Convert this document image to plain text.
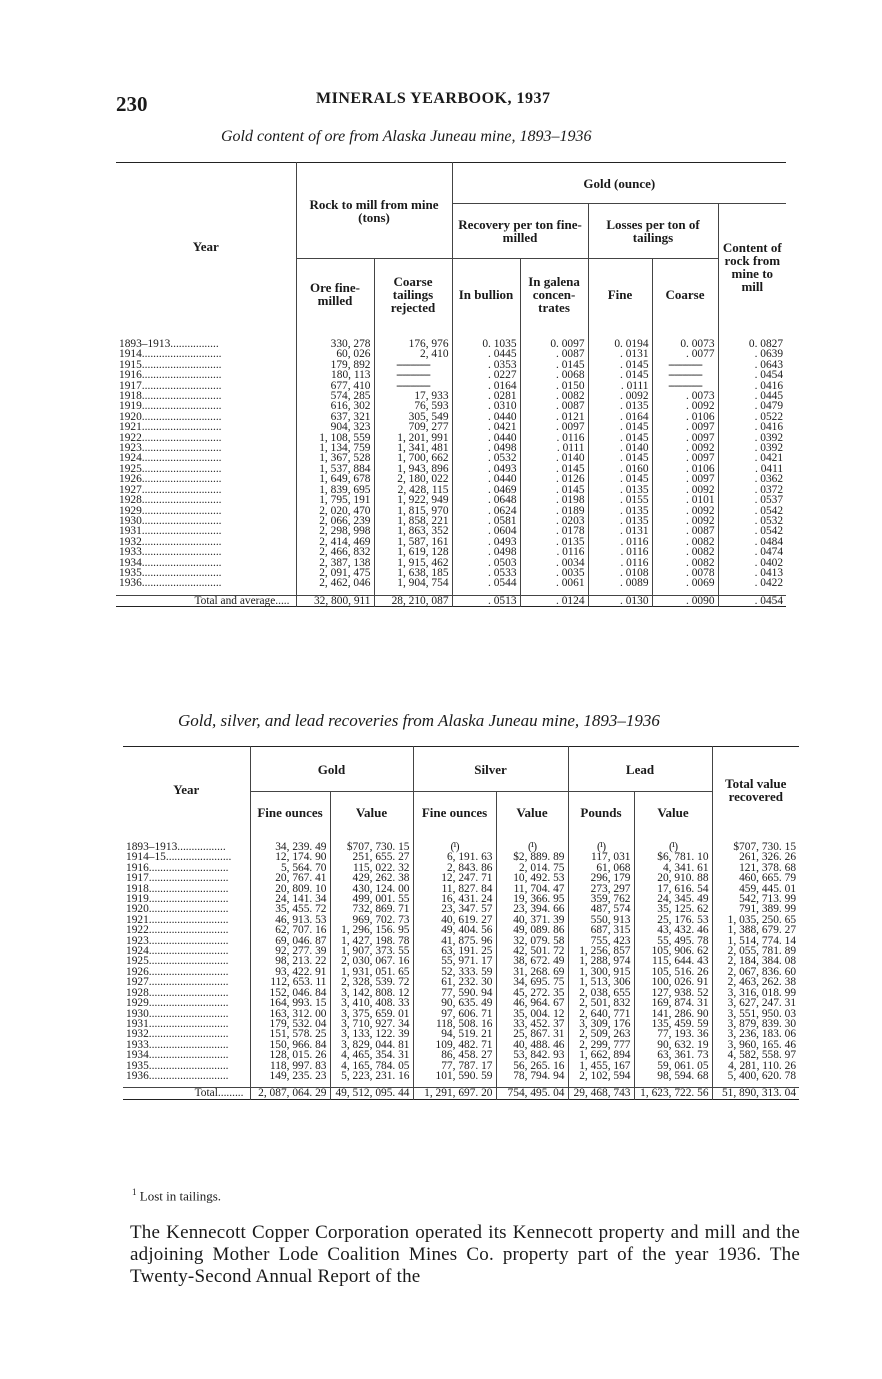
230	MINERALS YEARBOOK, 1937
Gold content of ore from Alaska Juneau mine, 1893–1936
Year	Rock to mill from mine (tons)		Gold (ounce)				
			Recovery per ton fine-milled		Losses per ton of tailings		Content of rock from mine to mill
	Ore fine-milled	Coarse tailings rejected	In bullion	In galena concen-trates	Fine	Coarse	

1893–1913.................	330, 278	176, 976	0. 1035	0. 0097	0. 0194	0. 0073	0. 0827
1914............................	60, 026	2, 410	. 0445	. 0087	. 0131	. 0077	. 0639
1915............................	179, 892	------------	. 0353	. 0145	. 0145	------------	. 0643
1916............................	180, 113	------------	. 0227	. 0068	. 0145	------------	. 0454
1917............................	677, 410	------------	. 0164	. 0150	. 0111	------------	. 0416
1918............................	574, 285	17, 933	. 0281	. 0082	. 0092	. 0073	. 0445
1919............................	616, 302	76, 593	. 0310	. 0087	. 0135	. 0092	. 0479
1920............................	637, 321	305, 549	. 0440	. 0121	. 0164	. 0106	. 0522
1921............................	904, 323	709, 277	. 0421	. 0097	. 0145	. 0097	. 0416
1922............................	1, 108, 559	1, 201, 991	. 0440	. 0116	. 0145	. 0097	. 0392
1923............................	1, 134, 759	1, 341, 481	. 0498	. 0111	. 0140	. 0092	. 0392
1924............................	1, 367, 528	1, 700, 662	. 0532	. 0140	. 0145	. 0097	. 0421
1925............................	1, 537, 884	1, 943, 896	. 0493	. 0145	. 0160	. 0106	. 0411
1926............................	1, 649, 678	2, 180, 022	. 0440	. 0126	. 0145	. 0097	. 0362
1927............................	1, 839, 695	2, 428, 115	. 0469	. 0145	. 0135	. 0092	. 0372
1928............................	1, 795, 191	1, 922, 949	. 0648	. 0198	. 0155	. 0101	. 0537
1929............................	2, 020, 470	1, 815, 970	. 0624	. 0189	. 0135	. 0092	. 0542
1930............................	2, 066, 239	1, 858, 221	. 0581	. 0203	. 0135	. 0092	. 0532
1931............................	2, 298, 998	1, 863, 352	. 0604	. 0178	. 0131	. 0087	. 0542
1932............................	2, 414, 469	1, 587, 161	. 0493	. 0135	. 0116	. 0082	. 0484
1933............................	2, 466, 832	1, 619, 128	. 0498	. 0116	. 0116	. 0082	. 0474
1934............................	2, 387, 138	1, 915, 462	. 0503	. 0034	. 0116	. 0082	. 0402
1935............................	2, 091, 475	1, 638, 185	. 0533	. 0035	. 0108	. 0078	. 0413
1936............................	2, 462, 046	1, 904, 754	. 0544	. 0061	. 0089	. 0069	. 0422
Total and average.....	32, 800, 911	28, 210, 087	. 0513	. 0124	. 0130	. 0090	. 0454
Gold, silver, and lead recoveries from Alaska Juneau mine, 1893–1936
Year	Gold		Silver		Lead		Total value recovered
	Fine ounces	Value	Fine ounces	Value	Pounds	Value	

1893–1913.................	34, 239. 49	$707, 730. 15	(¹)	(¹)	(¹)	(¹)	$707, 730. 15
1914–15.......................	12, 174. 90	251, 655. 27	6, 191. 63	$2, 889. 89	117, 031	$6, 781. 10	261, 326. 26
1916............................	5, 564. 70	115, 022. 32	2, 843. 86	2, 014. 75	61, 068	4, 341. 61	121, 378. 68
1917............................	20, 767. 41	429, 262. 38	12, 247. 71	10, 492. 53	296, 179	20, 910. 88	460, 665. 79
1918............................	20, 809. 10	430, 124. 00	11, 827. 84	11, 704. 47	273, 297	17, 616. 54	459, 445. 01
1919............................	24, 141. 34	499, 001. 55	16, 431. 24	19, 366. 95	359, 762	24, 345. 49	542, 713. 99
1920............................	35, 455. 72	732, 869. 71	23, 347. 57	23, 394. 66	487, 574	35, 125. 62	791, 389. 99
1921............................	46, 913. 53	969, 702. 73	40, 619. 27	40, 371. 39	550, 913	25, 176. 53	1, 035, 250. 65
1922............................	62, 707. 16	1, 296, 156. 95	49, 404. 56	49, 089. 86	687, 315	43, 432. 46	1, 388, 679. 27
1923............................	69, 046. 87	1, 427, 198. 78	41, 875. 96	32, 079. 58	755, 423	55, 495. 78	1, 514, 774. 14
1924............................	92, 277. 39	1, 907, 373. 55	63, 191. 25	42, 501. 72	1, 256, 857	105, 906. 62	2, 055, 781. 89
1925............................	98, 213. 22	2, 030, 067. 16	55, 971. 17	38, 672. 49	1, 288, 974	115, 644. 43	2, 184, 384. 08
1926............................	93, 422. 91	1, 931, 051. 65	52, 333. 59	31, 268. 69	1, 300, 915	105, 516. 26	2, 067, 836. 60
1927............................	112, 653. 11	2, 328, 539. 72	61, 232. 30	34, 695. 75	1, 513, 306	100, 026. 91	2, 463, 262. 38
1928............................	152, 046. 84	3, 142, 808. 12	77, 590. 94	45, 272. 35	2, 038, 655	127, 938. 52	3, 316, 018. 99
1929............................	164, 993. 15	3, 410, 408. 33	90, 635. 49	46, 964. 67	2, 501, 832	169, 874. 31	3, 627, 247. 31
1930............................	163, 312. 00	3, 375, 659. 01	97, 606. 71	35, 004. 12	2, 640, 771	141, 286. 90	3, 551, 950. 03
1931............................	179, 532. 04	3, 710, 927. 34	118, 508. 16	33, 452. 37	3, 309, 176	135, 459. 59	3, 879, 839. 30
1932............................	151, 578. 25	3, 133, 122. 39	94, 519. 21	25, 867. 31	2, 509, 263	77, 193. 36	3, 236, 183. 06
1933............................	150, 966. 84	3, 829, 044. 81	109, 482. 71	40, 488. 46	2, 299, 777	90, 632. 19	3, 960, 165. 46
1934............................	128, 015. 26	4, 465, 354. 31	86, 458. 27	53, 842. 93	1, 662, 894	63, 361. 73	4, 582, 558. 97
1935............................	118, 997. 83	4, 165, 784. 05	77, 787. 17	56, 265. 16	1, 455, 167	59, 061. 05	4, 281, 110. 26
1936............................	149, 235. 23	5, 223, 231. 16	101, 590. 59	78, 794. 94	2, 102, 594	98, 594. 68	5, 400, 620. 78
Total.........	2, 087, 064. 29	49, 512, 095. 44	1, 291, 697. 20	754, 495. 04	29, 468, 743	1, 623, 722. 56	51, 890, 313. 04
$^1$ Lost in tailings.
The Kennecott Copper Corporation operated its Kennecott property and mill and the adjoining Mother Lode Coalition Mines Co. property part of the year 1936. The Twenty-Second Annual Report of the
